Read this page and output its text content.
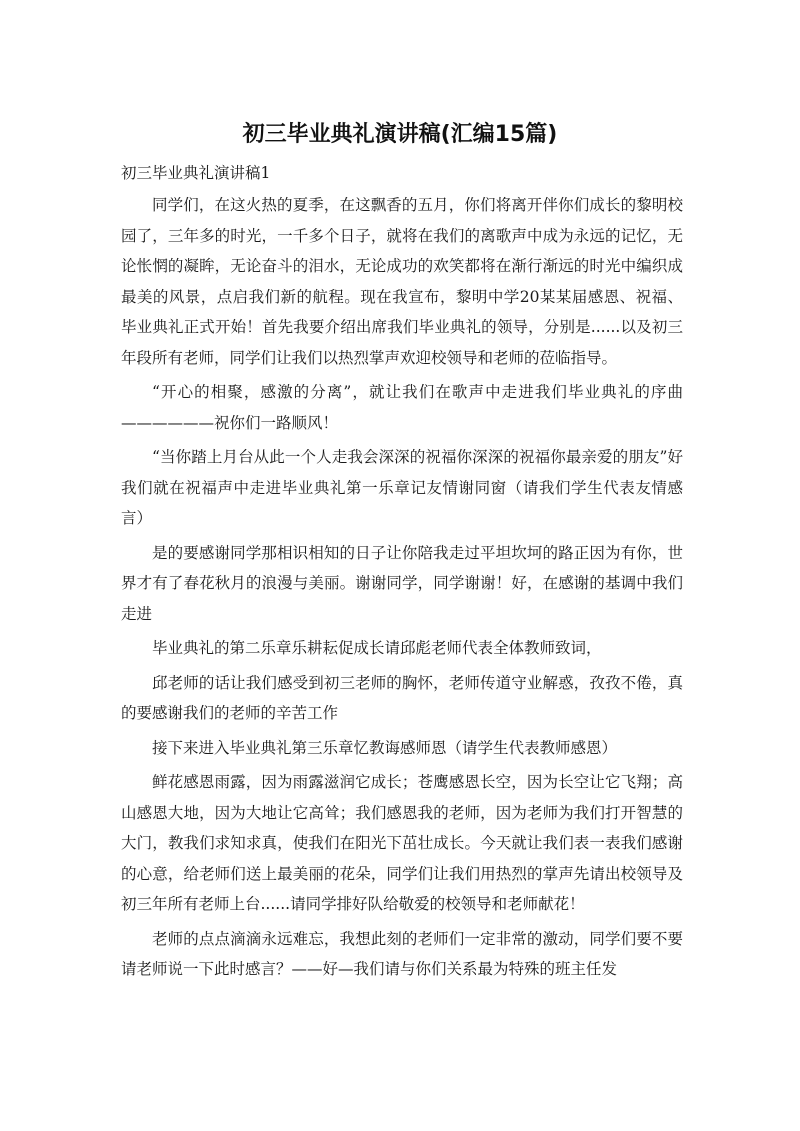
初三毕业典礼演讲稿(汇编15篇)

初三毕业典礼演讲稿1

同学们，在这火热的夏季，在这飘香的五月，你们将离开伴你们成长的黎明校园了，三年多的时光，一千多个日子，就将在我们的离歌声中成为永远的记忆，无论怅惘的凝眸，无论奋斗的泪水，无论成功的欢笑都将在渐行渐远的时光中编织成最美的风景，点启我们新的航程。现在我宣布，黎明中学20某某届感恩、祝福、毕业典礼正式开始！首先我要介绍出席我们毕业典礼的领导，分别是......以及初三年段所有老师，同学们让我们以热烈掌声欢迎校领导和老师的莅临指导。

“开心的相聚，感激的分离”，就让我们在歌声中走进我们毕业典礼的序曲——————祝你们一路顺风！

“当你踏上月台从此一个人走我会深深的祝福你深深的祝福你最亲爱的朋友”好我们就在祝福声中走进毕业典礼第一乐章记友情谢同窗（请我们学生代表友情感言）

是的要感谢同学那相识相知的日子让你陪我走过平坦坎坷的路正因为有你，世界才有了春花秋月的浪漫与美丽。谢谢同学，同学谢谢！好，在感谢的基调中我们走进

毕业典礼的第二乐章乐耕耘促成长请邱彪老师代表全体教师致词，

邱老师的话让我们感受到初三老师的胸怀，老师传道守业解惑，孜孜不倦，真的要感谢我们的老师的辛苦工作

接下来进入毕业典礼第三乐章忆教诲感师恩（请学生代表教师感恩）

鲜花感恩雨露，因为雨露滋润它成长；苍鹰感恩长空，因为长空让它飞翔；高山感恩大地，因为大地让它高耸；我们感恩我的老师，因为老师为我们打开智慧的大门，教我们求知求真，使我们在阳光下茁壮成长。今天就让我们表一表我们感谢的心意，给老师们送上最美丽的花朵，同学们让我们用热烈的掌声先请出校领导及初三年所有老师上台......请同学排好队给敬爱的校领导和老师献花！

老师的点点滴滴永远难忘，我想此刻的老师们一定非常的激动，同学们要不要请老师说一下此时感言？——好—我们请与你们关系最为特殊的班主任发
